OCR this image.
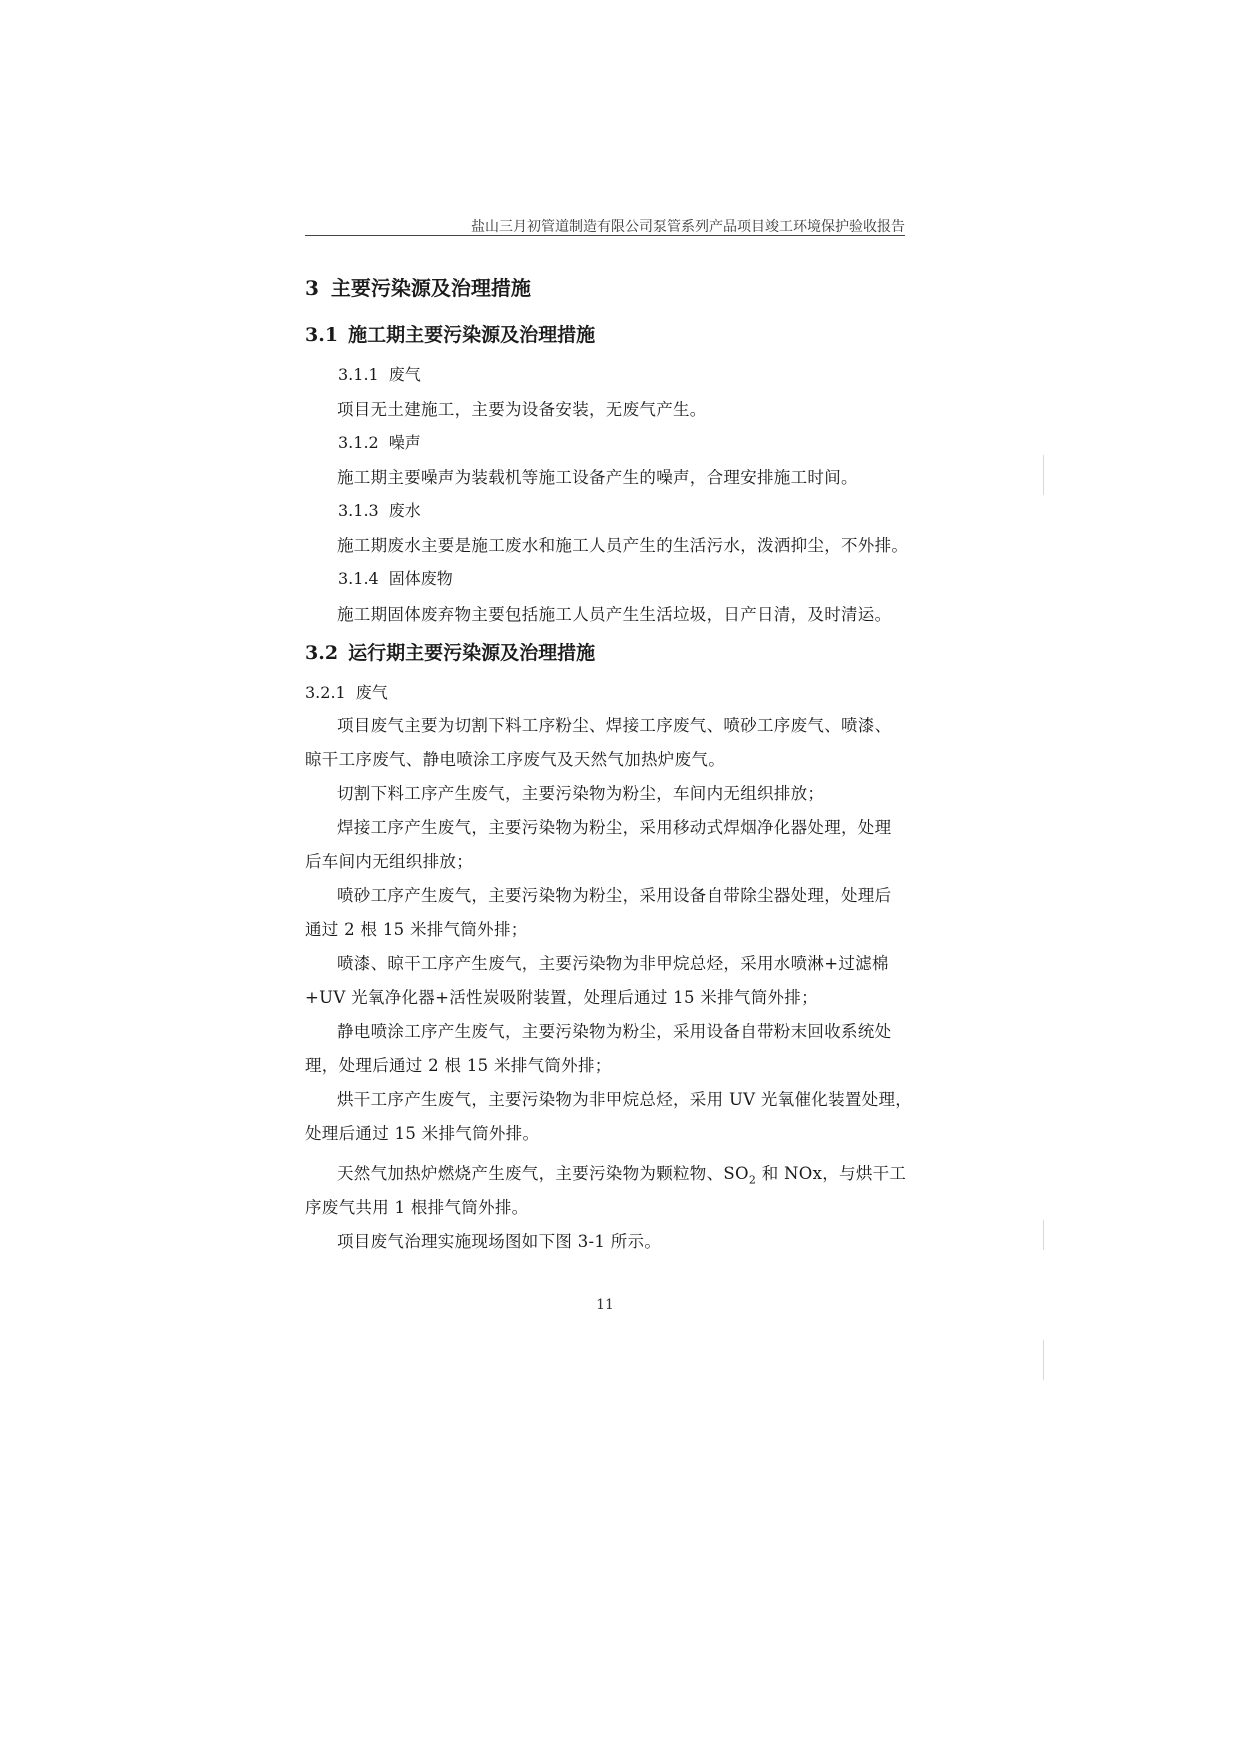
盐山三月初管道制造有限公司泵管系列产品项目竣工环境保护验收报告
3 主要污染源及治理措施
3.1 施工期主要污染源及治理措施
3.1.1 废气
项目无土建施工，主要为设备安装，无废气产生。
3.1.2 噪声
施工期主要噪声为装载机等施工设备产生的噪声，合理安排施工时间。
3.1.3 废水
施工期废水主要是施工废水和施工人员产生的生活污水，泼洒抑尘，不外排。
3.1.4 固体废物
施工期固体废弃物主要包括施工人员产生生活垃圾，日产日清，及时清运。
3.2 运行期主要污染源及治理措施
3.2.1 废气
项目废气主要为切割下料工序粉尘、焊接工序废气、喷砂工序废气、喷漆、
晾干工序废气、静电喷涂工序废气及天然气加热炉废气。
切割下料工序产生废气，主要污染物为粉尘，车间内无组织排放；
焊接工序产生废气，主要污染物为粉尘，采用移动式焊烟净化器处理，处理
后车间内无组织排放；
喷砂工序产生废气，主要污染物为粉尘，采用设备自带除尘器处理，处理后
通过 2 根 15 米排气筒外排；
喷漆、晾干工序产生废气，主要污染物为非甲烷总烃，采用水喷淋+过滤棉
+UV 光氧净化器+活性炭吸附装置，处理后通过 15 米排气筒外排；
静电喷涂工序产生废气，主要污染物为粉尘，采用设备自带粉末回收系统处
理，处理后通过 2 根 15 米排气筒外排；
烘干工序产生废气，主要污染物为非甲烷总烃，采用 UV 光氧催化装置处理，
处理后通过 15 米排气筒外排。
天然气加热炉燃烧产生废气，主要污染物为颗粒物、$SO_2$ 和 NOx，与烘干工
序废气共用 1 根排气筒外排。
项目废气治理实施现场图如下图 3-1 所示。
11
